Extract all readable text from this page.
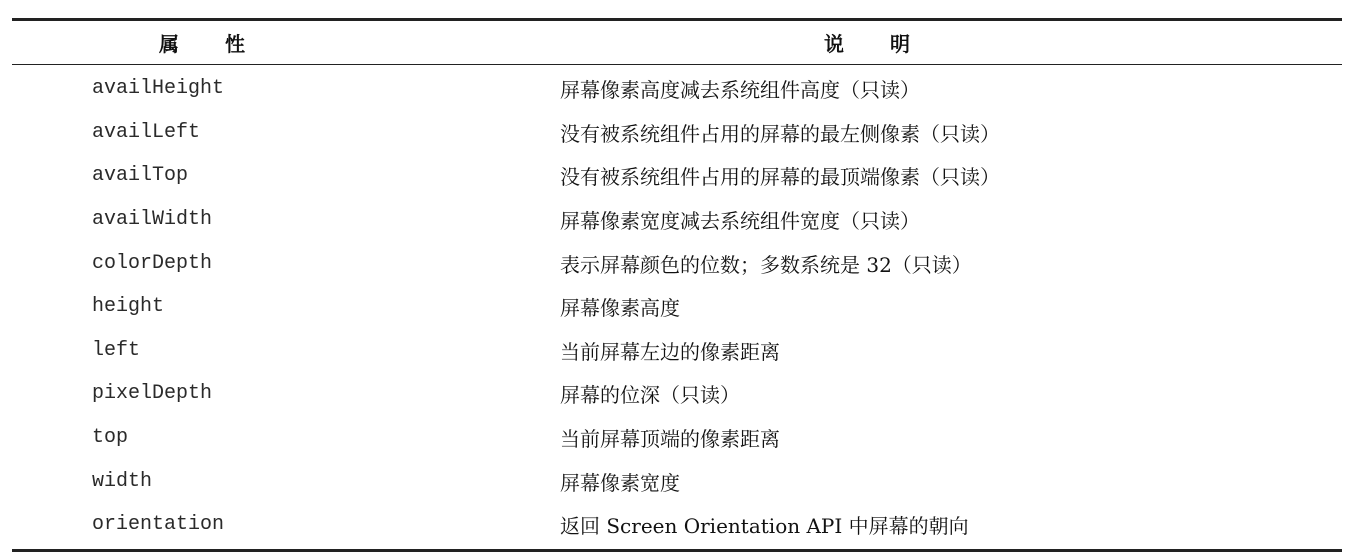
属 性	说 明
availHeight	屏幕像素高度减去系统组件高度（只读）
availLeft	没有被系统组件占用的屏幕的最左侧像素（只读）
availTop	没有被系统组件占用的屏幕的最顶端像素（只读）
availWidth	屏幕像素宽度减去系统组件宽度（只读）
colorDepth	表示屏幕颜色的位数；多数系统是 32（只读）
height	屏幕像素高度
left	当前屏幕左边的像素距离
pixelDepth	屏幕的位深（只读）
top	当前屏幕顶端的像素距离
width	屏幕像素宽度
orientation	返回 Screen Orientation API 中屏幕的朝向
